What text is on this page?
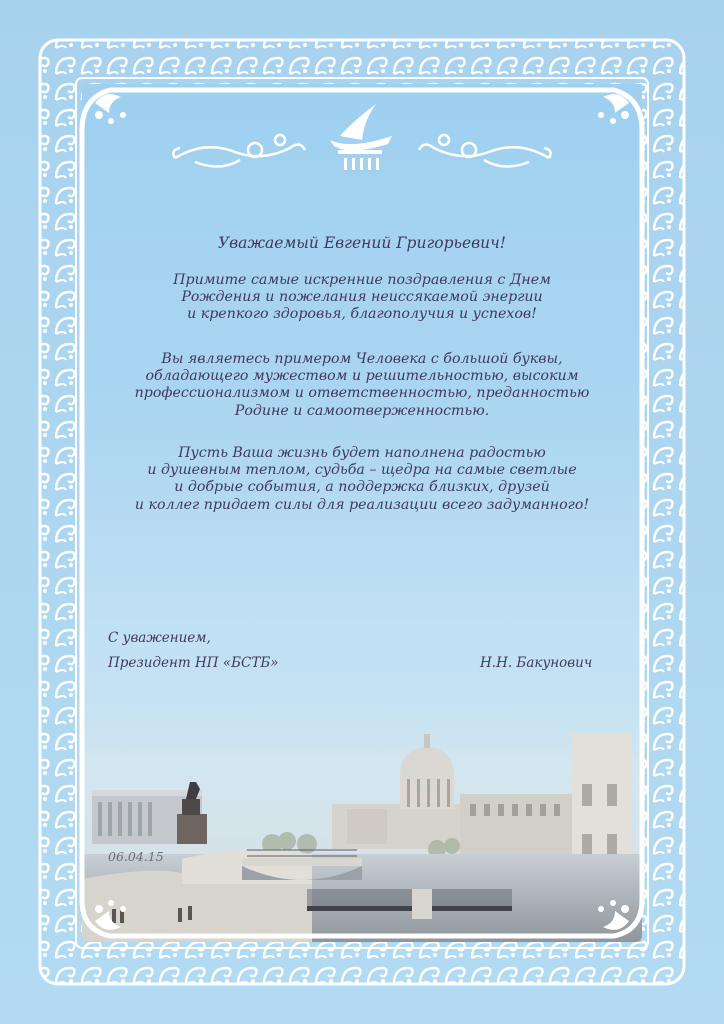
Уважаемый Евгений Григорьевич!
Примите самые искренние поздравления с Днем
Рождения и пожелания неиссякаемой энергии
и крепкого здоровья, благополучия и успехов!
Вы являетесь примером Человека с большой буквы,
обладающего мужеством и решительностью, высоким
профессионализмом и ответственностью, преданностью
Родине и самоотверженностью.
Пусть Ваша жизнь будет наполнена радостью
и душевным теплом, судьба – щедра на самые светлые
и добрые события, а поддержка близких, друзей
и коллег придает силы для реализации всего задуманного!
С уважением,
Президент НП «БСТБ»	Н.Н. Бакунович
06.04.15
